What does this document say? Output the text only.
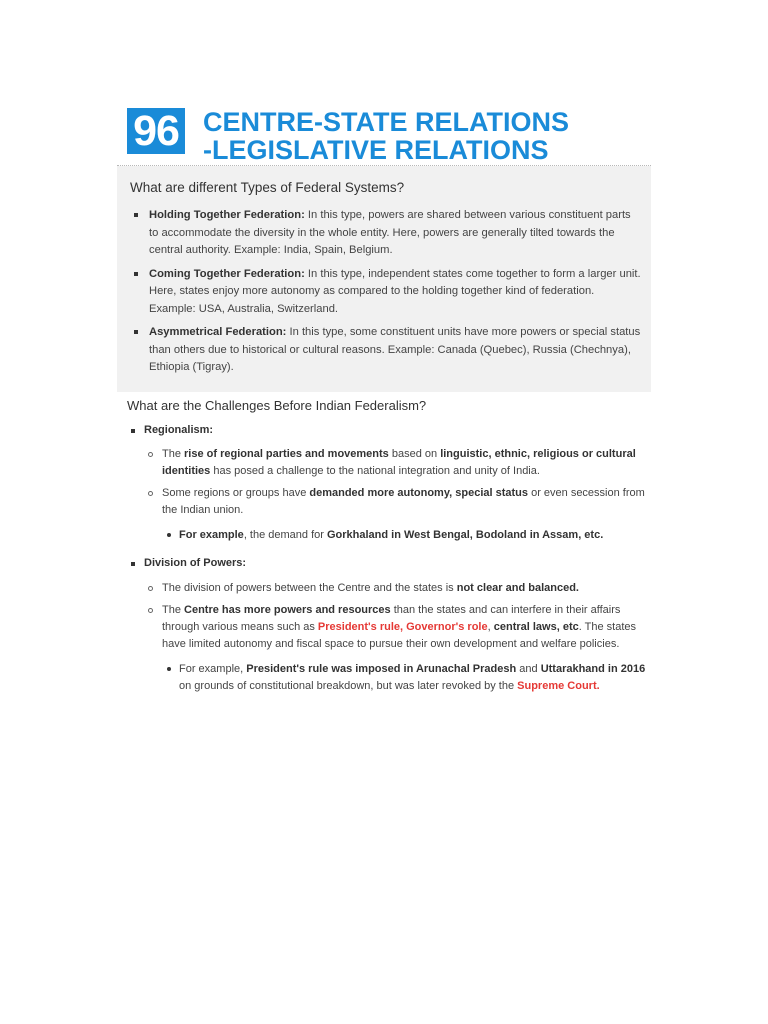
96 CENTRE-STATE RELATIONS
-LEGISLATIVE RELATIONS
What are different Types of Federal Systems?
Holding Together Federation: In this type, powers are shared between various constituent parts to accommodate the diversity in the whole entity. Here, powers are generally tilted towards the central authority. Example: India, Spain, Belgium.
Coming Together Federation: In this type, independent states come together to form a larger unit. Here, states enjoy more autonomy as compared to the holding together kind of federation. Example: USA, Australia, Switzerland.
Asymmetrical Federation: In this type, some constituent units have more powers or special status than others due to historical or cultural reasons. Example: Canada (Quebec), Russia (Chechnya), Ethiopia (Tigray).
What are the Challenges Before Indian Federalism?
Regionalism:
The rise of regional parties and movements based on linguistic, ethnic, religious or cultural identities has posed a challenge to the national integration and unity of India.
Some regions or groups have demanded more autonomy, special status or even secession from the Indian union.
For example, the demand for Gorkhaland in West Bengal, Bodoland in Assam, etc.
Division of Powers:
The division of powers between the Centre and the states is not clear and balanced.
The Centre has more powers and resources than the states and can interfere in their affairs through various means such as President's rule, Governor's role, central laws, etc. The states have limited autonomy and fiscal space to pursue their own development and welfare policies.
For example, President's rule was imposed in Arunachal Pradesh and Uttarakhand in 2016 on grounds of constitutional breakdown, but was later revoked by the Supreme Court.
